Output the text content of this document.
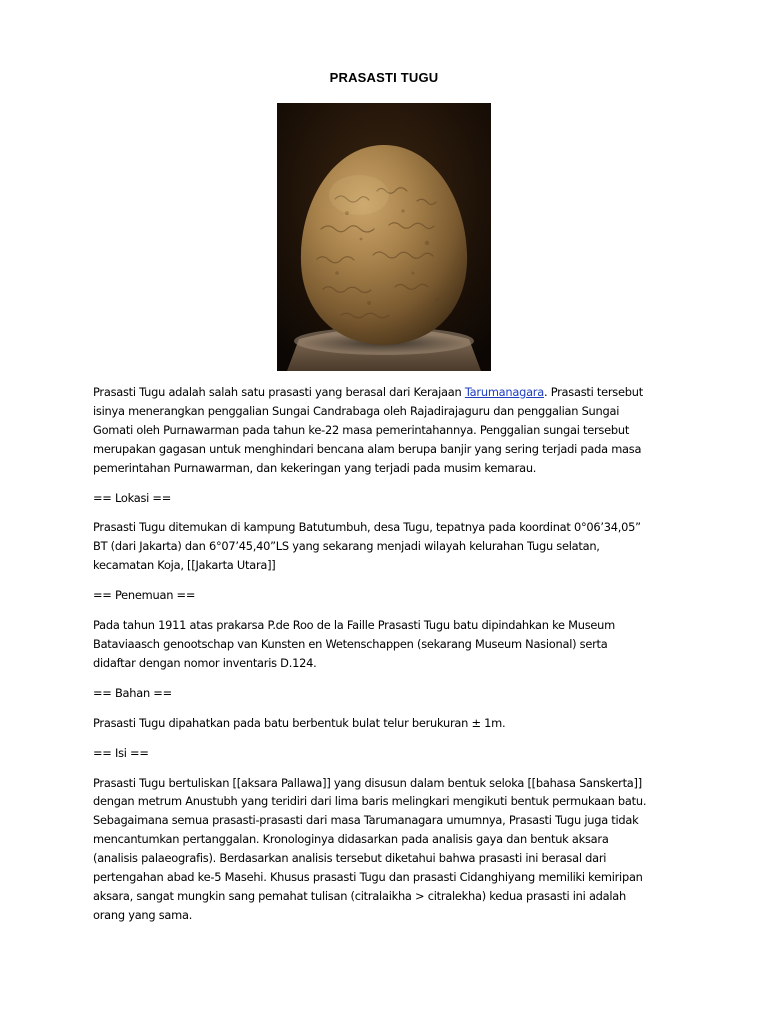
PRASASTI TUGU

Prasasti Tugu adalah salah satu prasasti yang berasal dari Kerajaan Tarumanagara. Prasasti tersebut
isinya menerangkan penggalian Sungai Candrabaga oleh Rajadirajaguru dan penggalian Sungai
Gomati oleh Purnawarman pada tahun ke-22 masa pemerintahannya. Penggalian sungai tersebut
merupakan gagasan untuk menghindari bencana alam berupa banjir yang sering terjadi pada masa
pemerintahan Purnawarman, dan kekeringan yang terjadi pada musim kemarau.

== Lokasi ==

Prasasti Tugu ditemukan di kampung Batutumbuh, desa Tugu, tepatnya pada koordinat 0°06’34,05”
BT (dari Jakarta) dan 6°07’45,40”LS yang sekarang menjadi wilayah kelurahan Tugu selatan,
kecamatan Koja, [[Jakarta Utara]]

== Penemuan ==

Pada tahun 1911 atas prakarsa P.de Roo de la Faille Prasasti Tugu batu dipindahkan ke Museum
Bataviaasch genootschap van Kunsten en Wetenschappen (sekarang Museum Nasional) serta
didaftar dengan nomor inventaris D.124.

== Bahan ==

Prasasti Tugu dipahatkan pada batu berbentuk bulat telur berukuran ± 1m.

== Isi ==

Prasasti Tugu bertuliskan [[aksara Pallawa]] yang disusun dalam bentuk seloka [[bahasa Sanskerta]]
dengan metrum Anustubh yang teridiri dari lima baris melingkari mengikuti bentuk permukaan batu.
Sebagaimana semua prasasti-prasasti dari masa Tarumanagara umumnya, Prasasti Tugu juga tidak
mencantumkan pertanggalan. Kronologinya didasarkan pada analisis gaya dan bentuk aksara
(analisis palaeografis). Berdasarkan analisis tersebut diketahui bahwa prasasti ini berasal dari
pertengahan abad ke-5 Masehi. Khusus prasasti Tugu dan prasasti Cidanghiyang memiliki kemiripan
aksara, sangat mungkin sang pemahat tulisan (citralaikha > citralekha) kedua prasasti ini adalah
orang yang sama.
